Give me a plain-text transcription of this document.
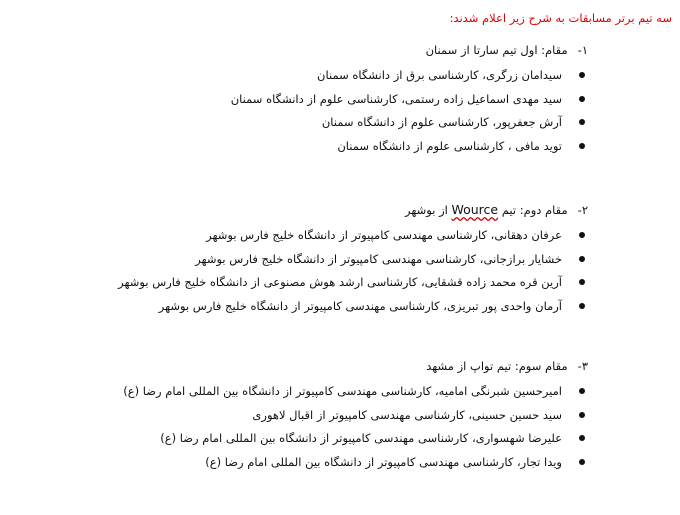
سه تیم برتر مسابقات به شرح زیر اعلام شدند:
۱-مقام: اول تیم سارتا از سمنان
سیدامان زرگری، کارشناسی برق از دانشگاه سمنان
سید مهدی اسماعیل زاده رستمی، کارشناسی علوم از دانشگاه سمنان
آرش جعفرپور، کارشناسی علوم از دانشگاه سمنان
توید مافی ، کارشناسی علوم از دانشگاه سمنان
۲-مقام دوم: تیم Wource از بوشهر
عرفان دهقانی، کارشناسی مهندسی کامپیوتر از دانشگاه خلیج فارس بوشهر
خشایار برازجانی، کارشناسی مهندسی کامپیوتر از دانشگاه خلیج فارس بوشهر
آرین قره محمد زاده قشقایی، کارشناسی ارشد هوش مصنوعی از دانشگاه خلیج فارس بوشهر
آرمان واحدی پور تبریزی، کارشناسی مهندسی کامپیوتر از دانشگاه خلیج فارس بوشهر
۳-مقام سوم: تیم تواپ از مشهد
امیرحسین شبرنگی امامیه، کارشناسی مهندسی کامپیوتر از دانشگاه بین المللی امام رضا (ع)
سید حسین حسینی، کارشناسی مهندسی کامپیوتر از اقبال لاهوری
علیرضا شهسواری، کارشناسی مهندسی کامپیوتر از دانشگاه بین المللی امام رضا (ع)
ویدا تجار، کارشناسی مهندسی کامپیوتر از دانشگاه بین المللی امام رضا (ع)
